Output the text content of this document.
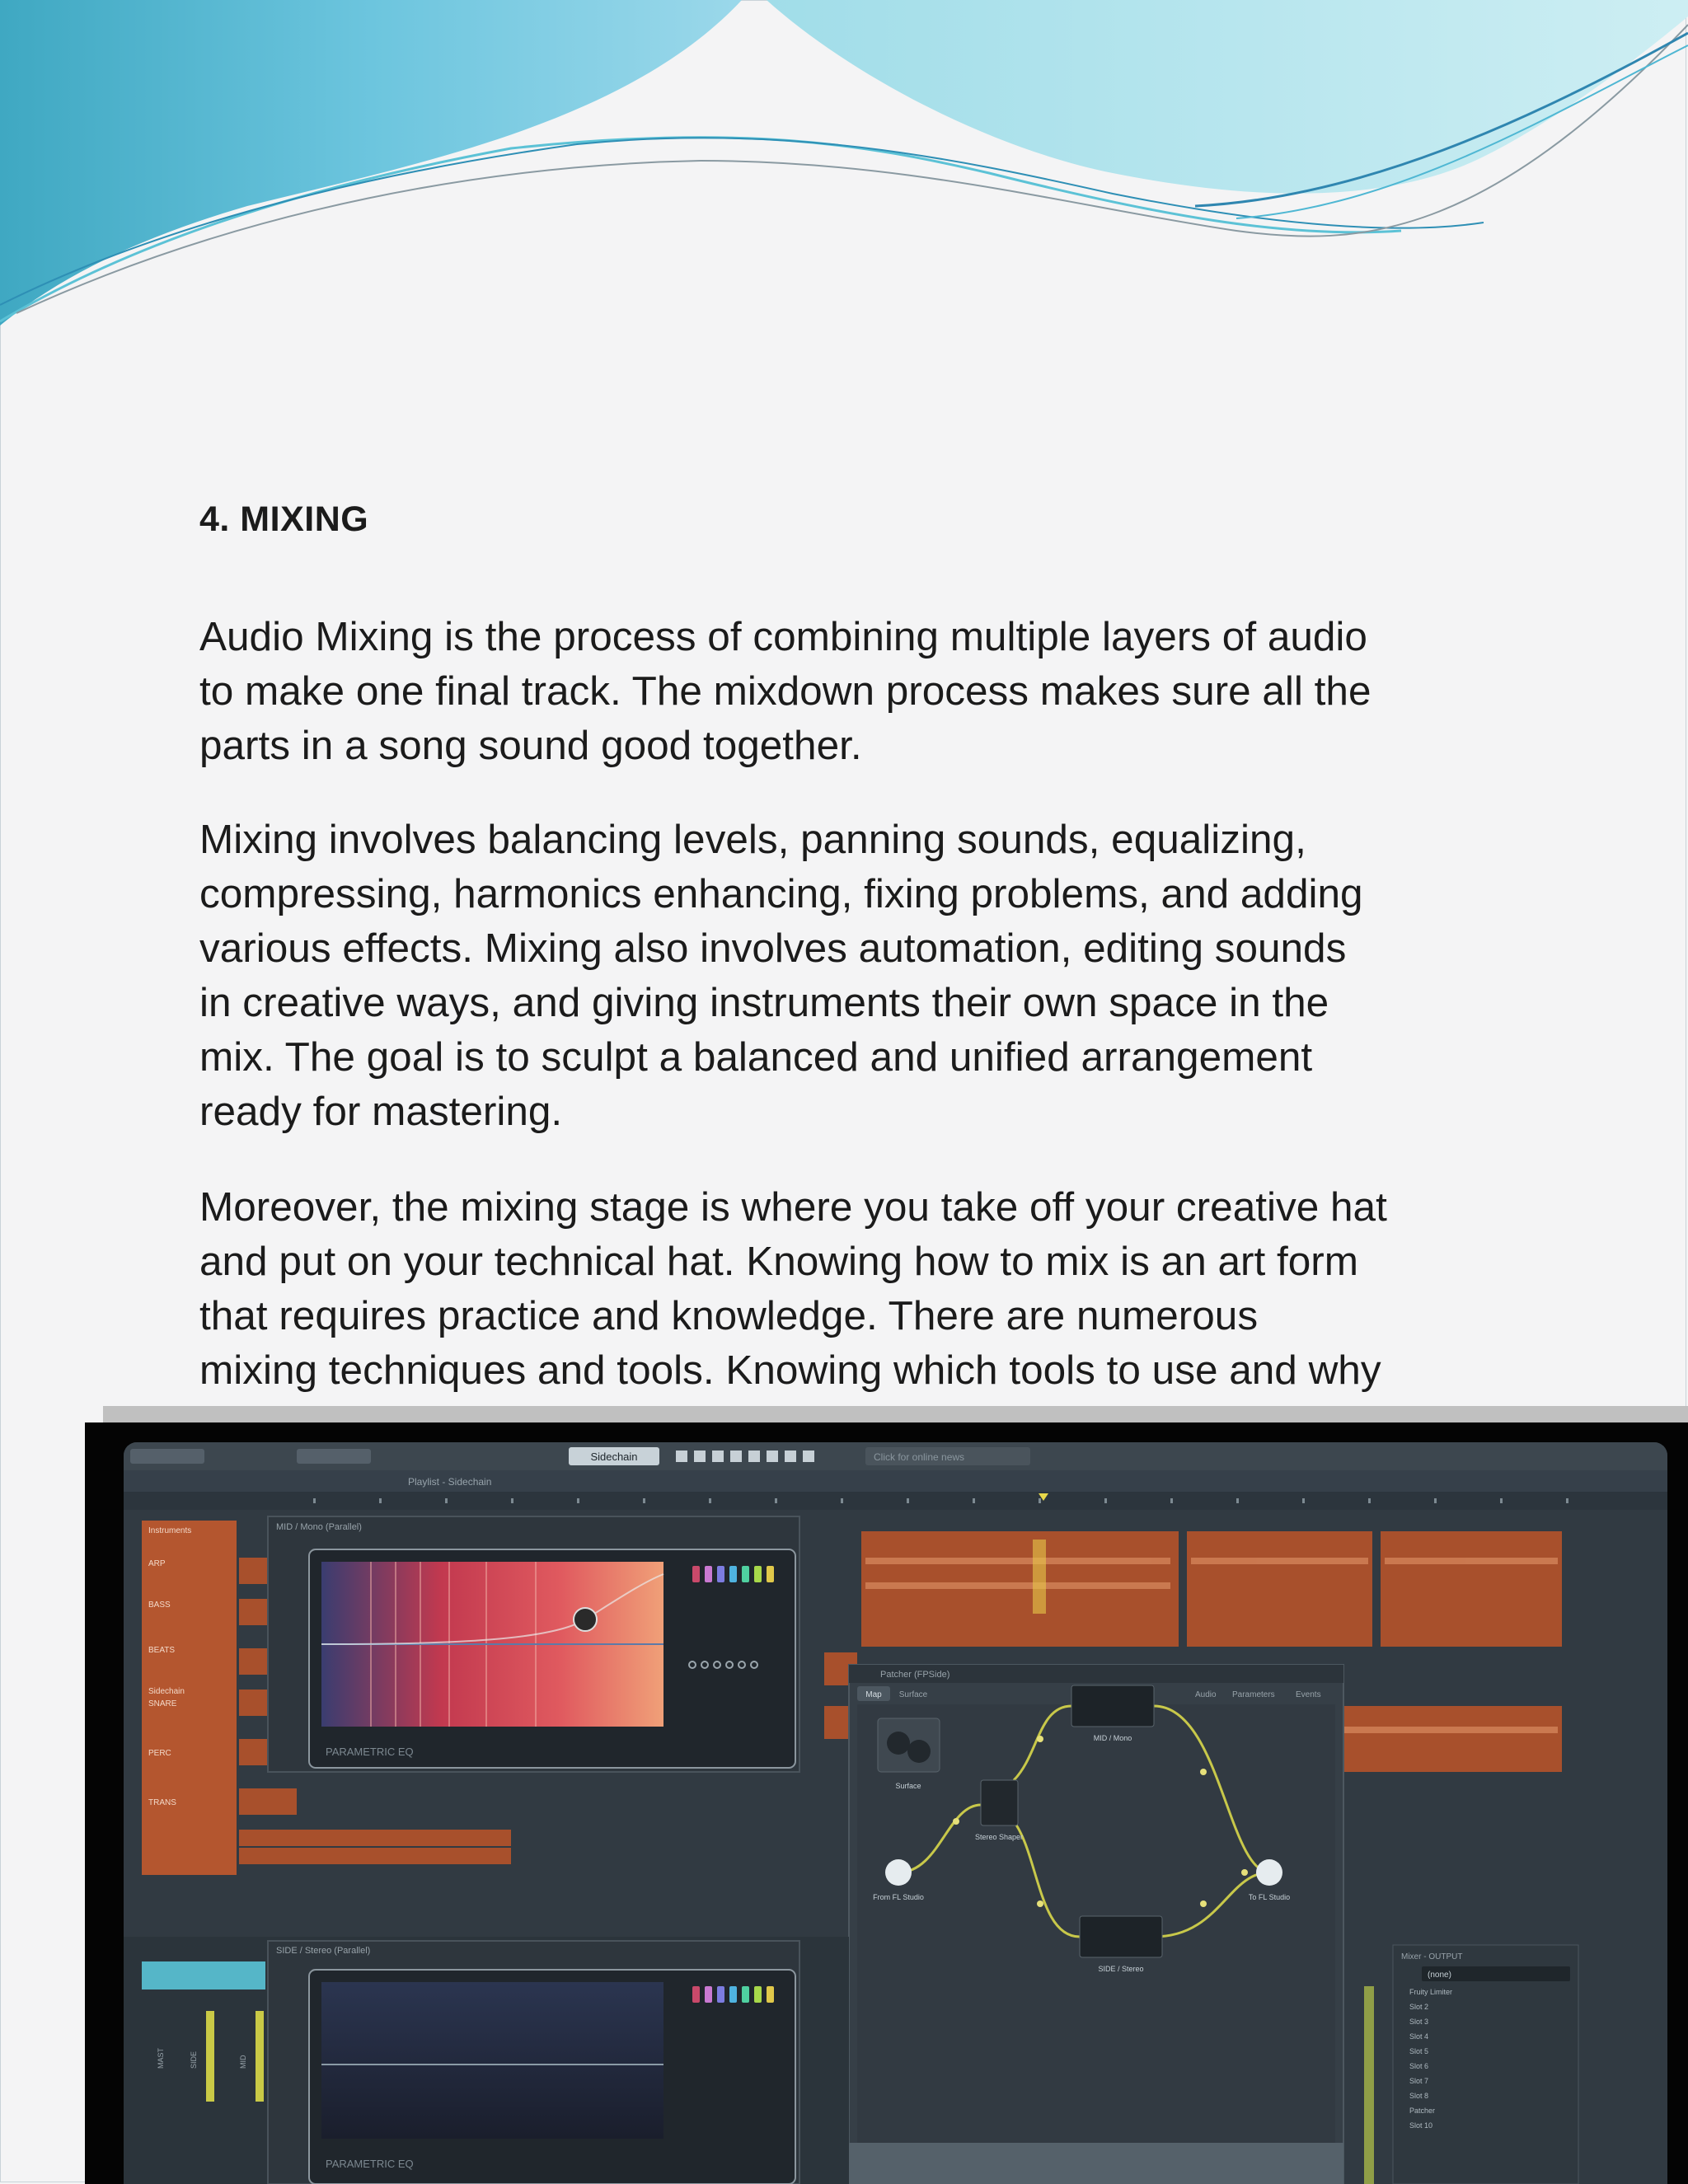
4. MIXING

Audio Mixing is the process of combining multiple layers of audio
to make one final track. The mixdown process makes sure all the
parts in a song sound good together.

Mixing involves balancing levels, panning sounds, equalizing,
compressing, harmonics enhancing, fixing problems, and adding
various effects. Mixing also involves automation, editing sounds
in creative ways, and giving instruments their own space in the
mix. The goal is to sculpt a balanced and unified arrangement
ready for mastering.

Moreover, the mixing stage is where you take off your creative hat
and put on your technical hat. Knowing how to mix is an art form
that requires practice and knowledge. There are numerous
mixing techniques and tools. Knowing which tools to use and why

Sidechain	Click for online news
Playlist - Sidechain
Instruments
ARP
BASS
BEATS
Sidechain
SNARE
PERC
TRANS
MID / Mono (Parallel)
PARAMETRIC EQ
Patcher (FPSide)
Map Surface	Audio Parameters	Events
Surface
MID / Mono
Stereo Shaper
SIDE / Stereo
From FL Studio	To FL Studio
MAST	SIDE	MID
SIDE / Stereo (Parallel)
PARAMETRIC EQ
Mixer - OUTPUT
(none)
Fruity Limiter
Slot 2
Slot 3
Slot 4
Slot 5
Slot 6
Slot 7
Slot 8
Patcher
Slot 10
